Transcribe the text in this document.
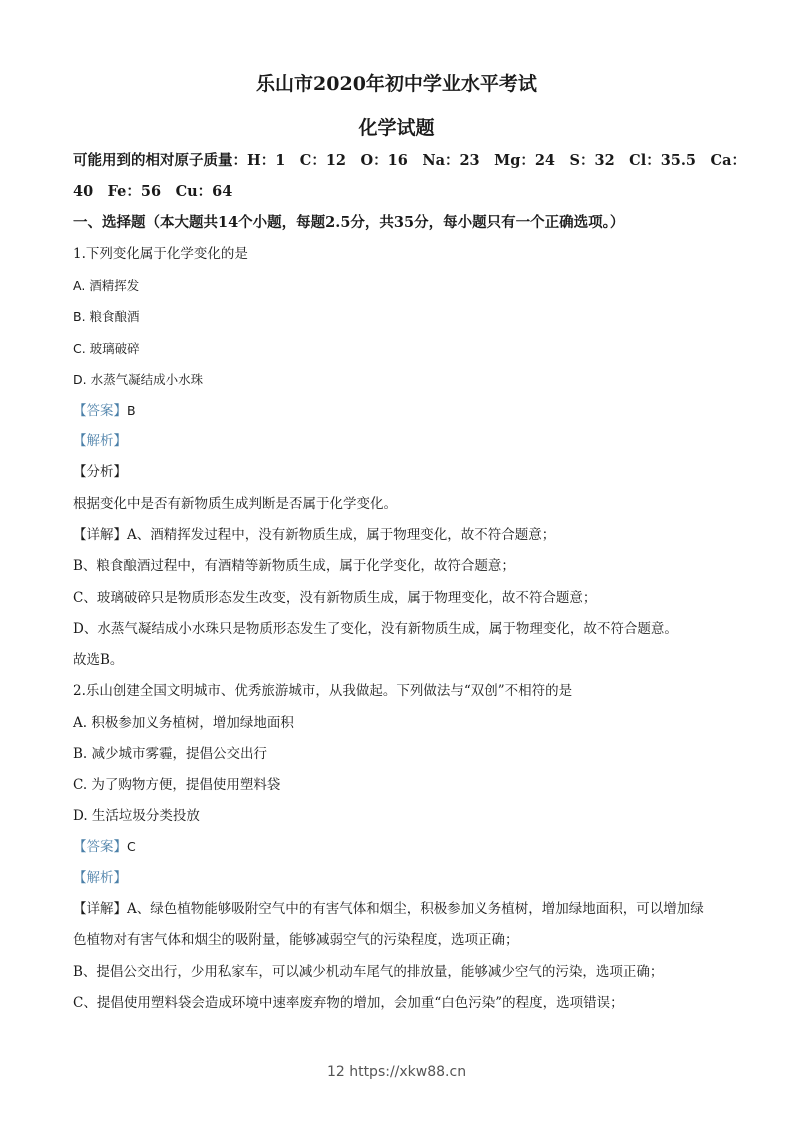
乐山市2020年初中学业水平考试
化学试题
可能用到的相对原子质量：H：1　C：12　O：16　Na：23　Mg：24　S：32　Cl：35.5　Ca：
40　Fe：56　Cu：64
一、选择题（本大题共14个小题，每题2.5分，共35分，每小题只有一个正确选项。）
1.下列变化属于化学变化的是
A. 酒精挥发
B. 粮食酿酒
C. 玻璃破碎
D. 水蒸气凝结成小水珠
【答案】B
【解析】
【分析】
根据变化中是否有新物质生成判断是否属于化学变化。
【详解】A、酒精挥发过程中，没有新物质生成，属于物理变化，故不符合题意；
B、粮食酿酒过程中，有酒精等新物质生成，属于化学变化，故符合题意；
C、玻璃破碎只是物质形态发生改变，没有新物质生成，属于物理变化，故不符合题意；
D、水蒸气凝结成小水珠只是物质形态发生了变化，没有新物质生成，属于物理变化，故不符合题意。
故选B。
2.乐山创建全国文明城市、优秀旅游城市，从我做起。下列做法与“双创”不相符的是
A. 积极参加义务植树，增加绿地面积
B. 减少城市雾霾，提倡公交出行
C. 为了购物方便，提倡使用塑料袋
D. 生活垃圾分类投放
【答案】C
【解析】
【详解】A、绿色植物能够吸附空气中的有害气体和烟尘，积极参加义务植树，增加绿地面积，可以增加绿
色植物对有害气体和烟尘的吸附量，能够减弱空气的污染程度，选项正确；
B、提倡公交出行，少用私家车，可以减少机动车尾气的排放量，能够减少空气的污染，选项正确；
C、提倡使用塑料袋会造成环境中速率废弃物的增加，会加重“白色污染”的程度，选项错误；
12 https://xkw88.cn
